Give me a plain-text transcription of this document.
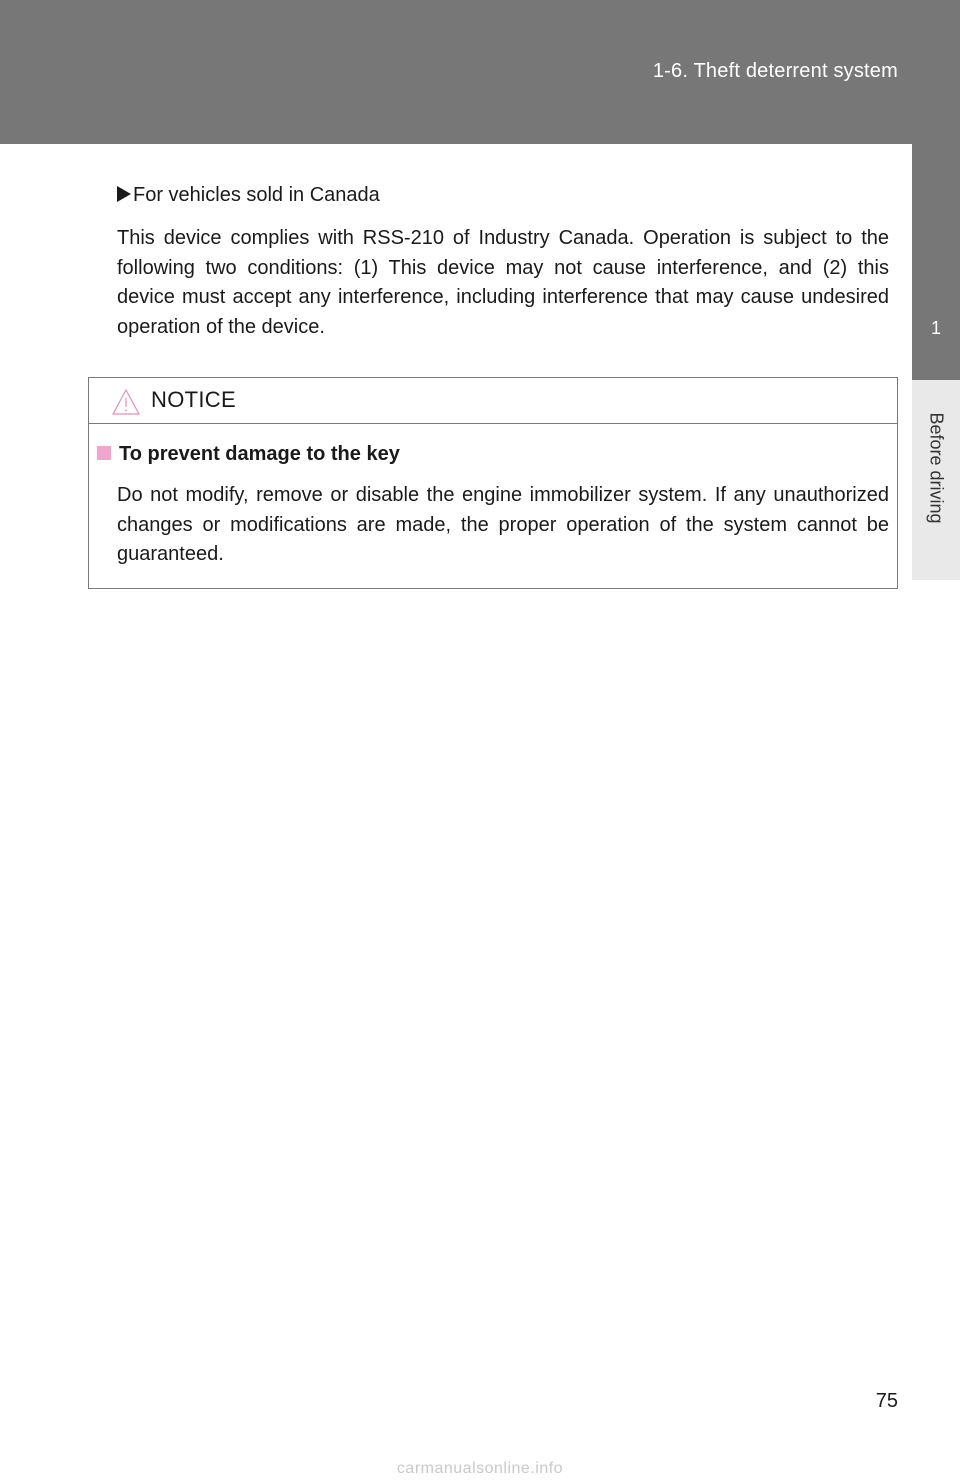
1-6. Theft deterrent system
1
Before driving
For vehicles sold in Canada

This device complies with RSS-210 of Industry Canada. Operation is subject to the following two conditions: (1) This device may not cause interference, and (2) this device must accept any interference, including interference that may cause undesired operation of the device.

NOTICE
To prevent damage to the key

Do not modify, remove or disable the engine immobilizer system. If any unauthorized changes or modifications are made, the proper operation of the system cannot be guaranteed.

75
carmanualsonline.info
